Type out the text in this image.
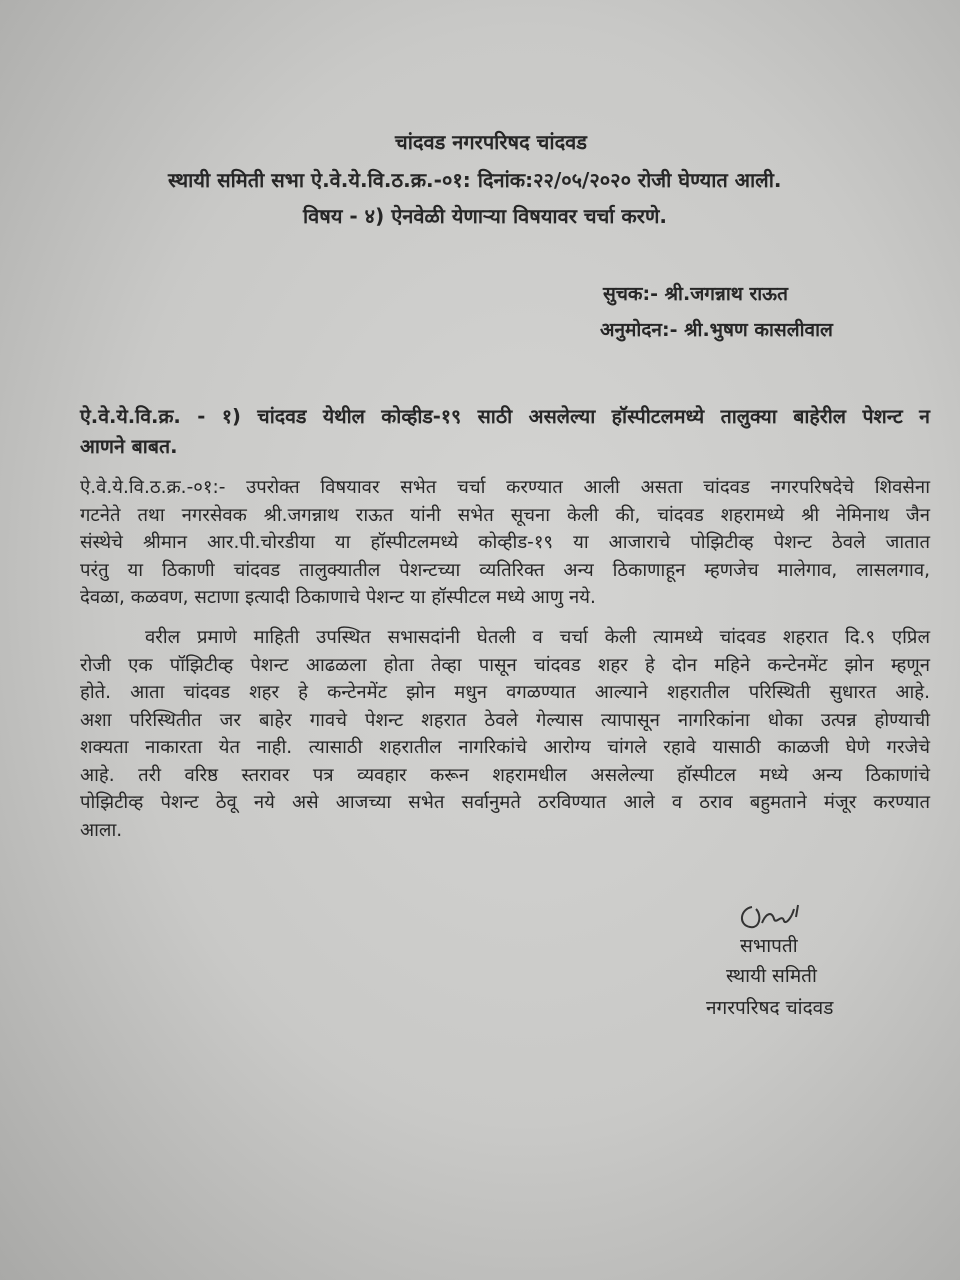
चांदवड नगरपरिषद चांदवड
स्थायी समिती सभा ऐ.वे.ये.वि.ठ.क्र.-०१: दिनांक:२२/०५/२०२० रोजी घेण्यात आली.
विषय - ४) ऐनवेळी येणाऱ्या विषयावर चर्चा करणे.
सुचक:- श्री.जगन्नाथ राऊत
अनुमोदन:- श्री.भुषण कासलीवाल
ऐ.वे.ये.वि.क्र. - १) चांदवड येथील कोव्हीड-१९ साठी असलेल्या हॉस्पीटलमध्ये तालुक्या बाहेरील पेशन्ट न
आणने बाबत.
ऐ.वे.ये.वि.ठ.क्र.-०१:- उपरोक्त विषयावर सभेत चर्चा करण्यात आली असता चांदवड नगरपरिषदेचे शिवसेना
गटनेते तथा नगरसेवक श्री.जगन्नाथ राऊत यांनी सभेत सूचना केली की, चांदवड शहरामध्ये श्री नेमिनाथ जैन
संस्थेचे श्रीमान आर.पी.चोरडीया या हॉस्पीटलमध्ये कोव्हीड-१९ या आजाराचे पोझिटीव्ह पेशन्ट ठेवले जातात
परंतु या ठिकाणी चांदवड तालुक्यातील पेशन्टच्या व्यतिरिक्त अन्य ठिकाणाहून म्हणजेच मालेगाव, लासलगाव,
देवळा, कळवण, सटाणा इत्यादी ठिकाणाचे पेशन्ट या हॉस्पीटल मध्ये आणु नये.
वरील प्रमाणे माहिती उपस्थित सभासदांनी घेतली व चर्चा केली त्यामध्ये चांदवड शहरात दि.९ एप्रिल
रोजी एक पॉझिटीव्ह पेशन्ट आढळला होता तेव्हा पासून चांदवड शहर हे दोन महिने कन्टेनमेंट झोन म्हणून
होते. आता चांदवड शहर हे कन्टेनमेंट झोन मधुन वगळण्यात आल्याने शहरातील परिस्थिती सुधारत आहे.
अशा परिस्थितीत जर बाहेर गावचे पेशन्ट शहरात ठेवले गेल्यास त्यापासून नागरिकांना धोका उत्पन्न होण्याची
शक्यता नाकारता येत नाही. त्यासाठी शहरातील नागरिकांचे आरोग्य चांगले रहावे यासाठी काळजी घेणे गरजेचे
आहे. तरी वरिष्ठ स्तरावर पत्र व्यवहार करून शहरामधील असलेल्या हॉस्पीटल मध्ये अन्य ठिकाणांचे
पोझिटीव्ह पेशन्ट ठेवू नये असे आजच्या सभेत सर्वानुमते ठरविण्यात आले व ठराव बहुमताने मंजूर करण्यात
आला.
सभापती
स्थायी समिती
नगरपरिषद चांदवड
